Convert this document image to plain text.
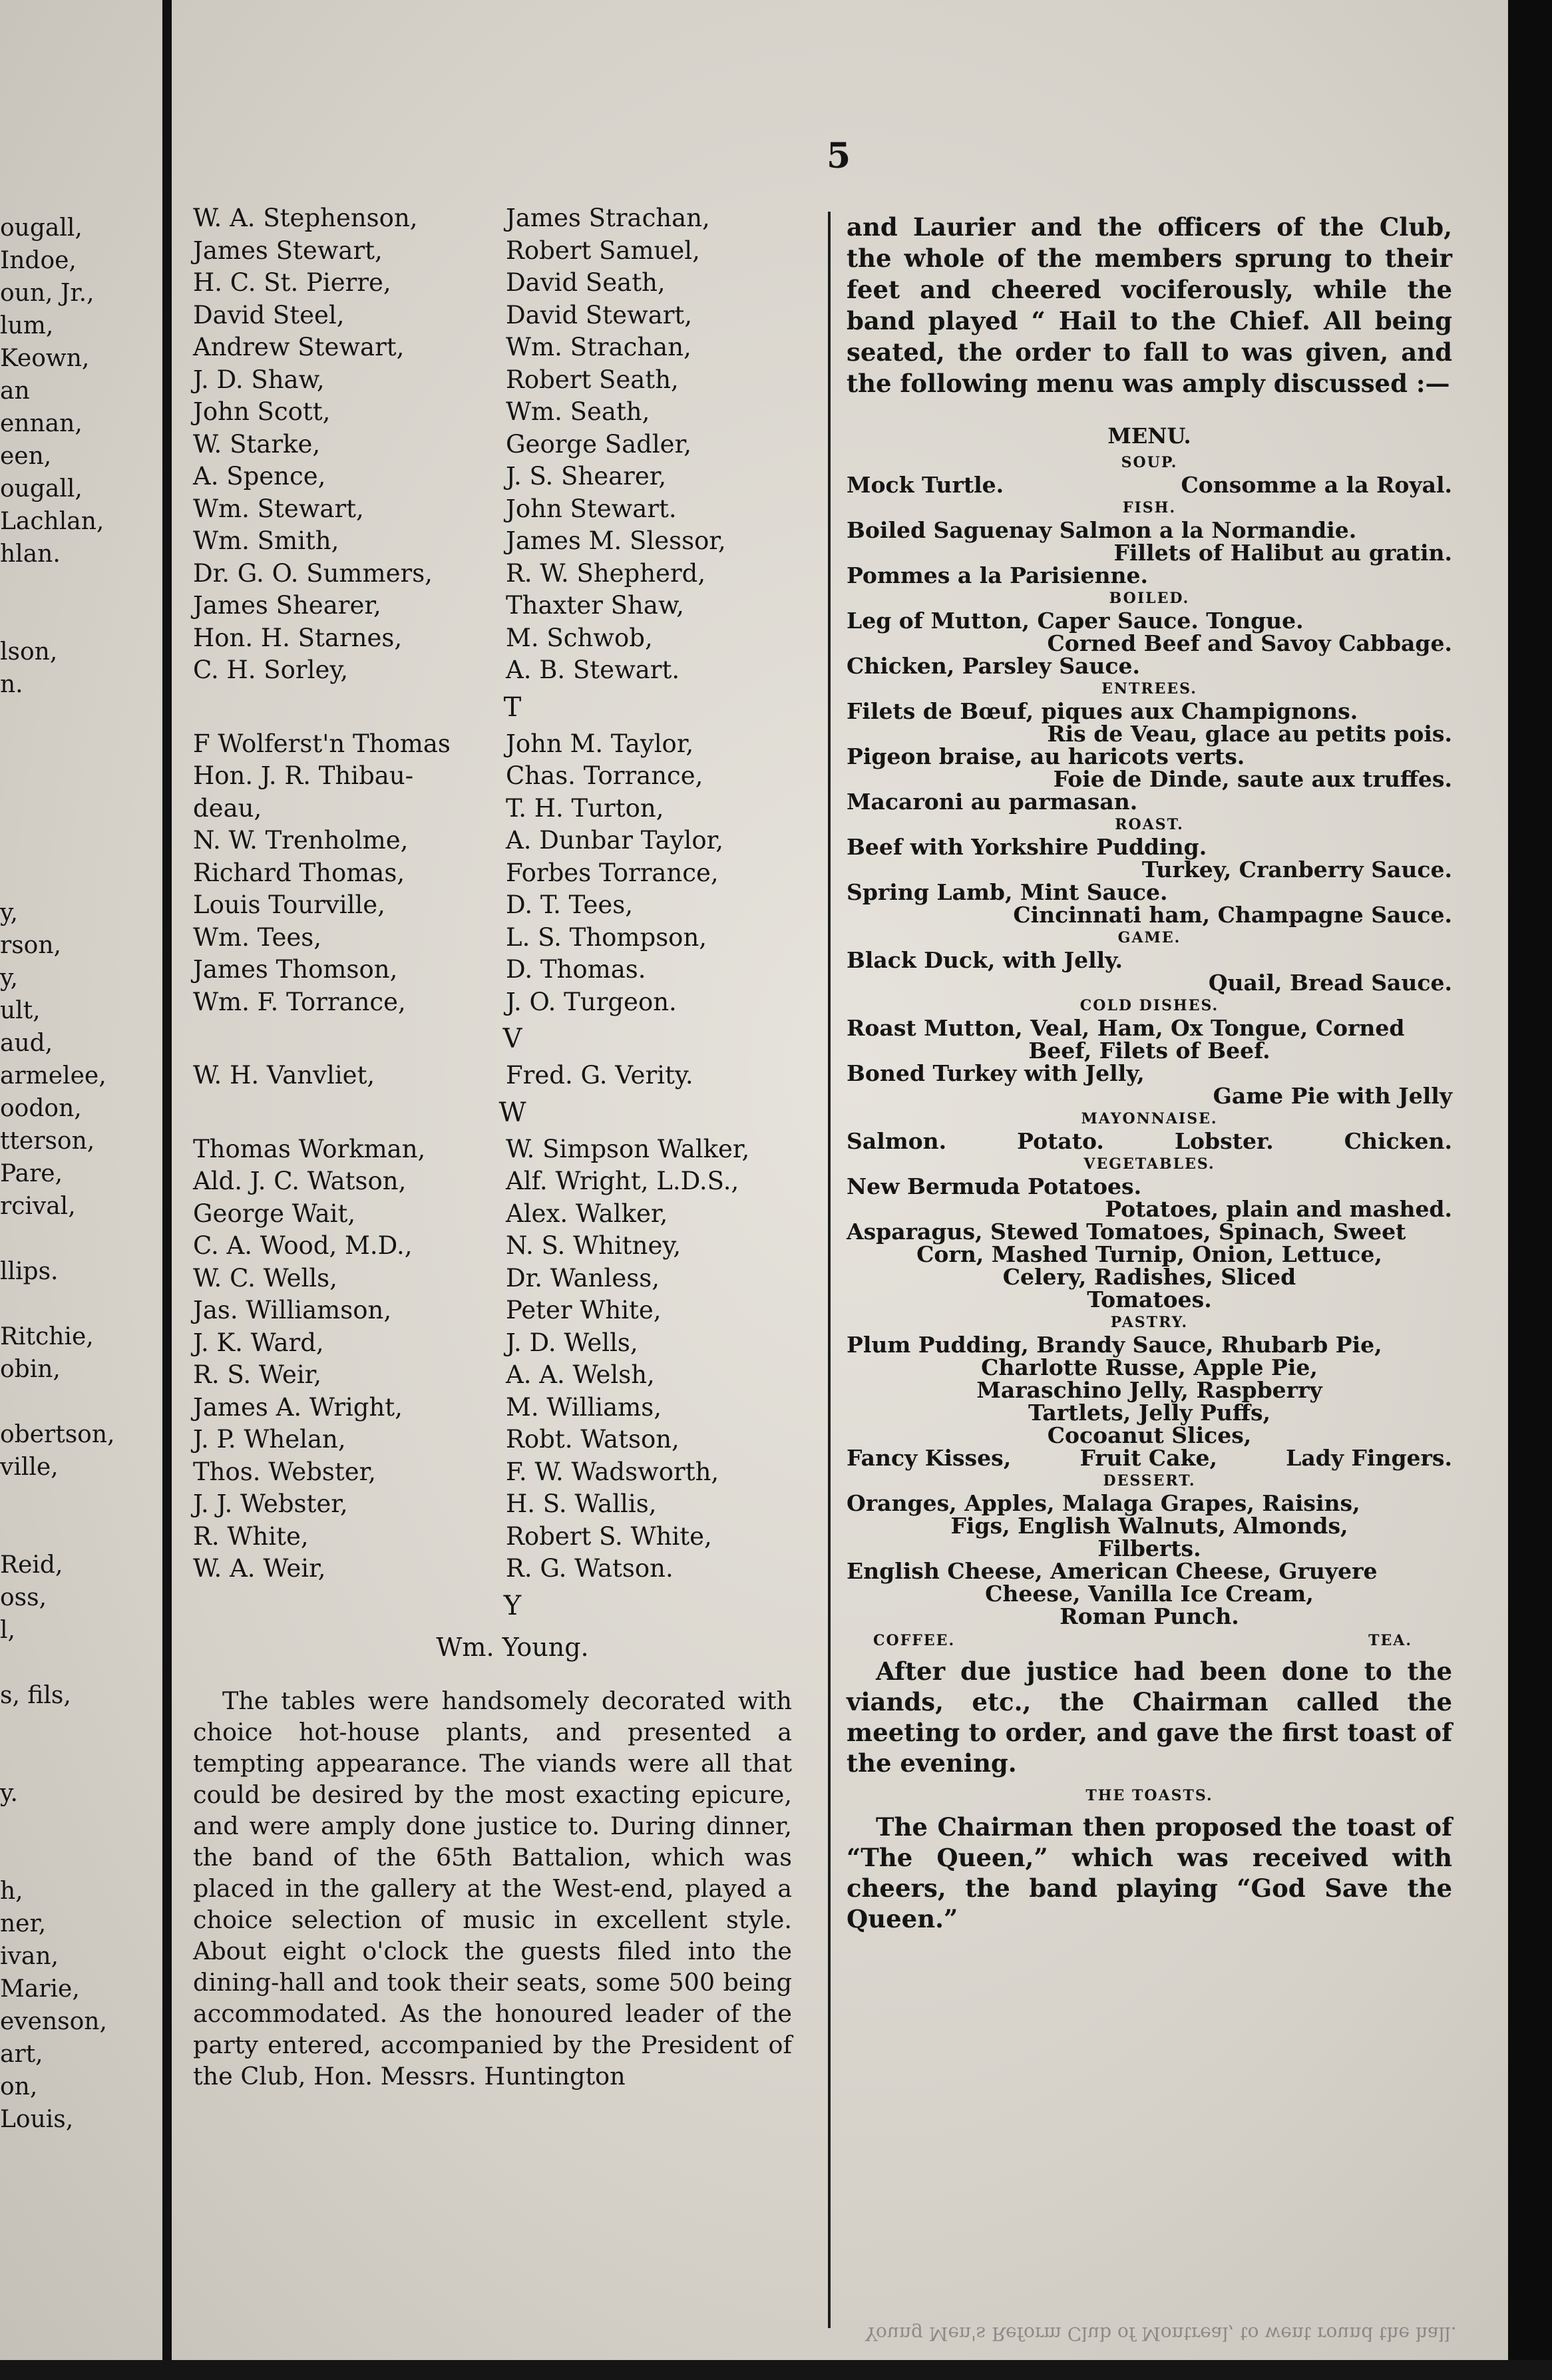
5
ougall,
Indoe,
oun, Jr.,
lum,
Keown,
an
ennan,
een,
ougall,
Lachlan,
hlan.
lson,
n.
y,
rson,
y,
ult,
aud,
armelee,
oodon,
tterson,
Pare,
rcival,
llips.
Ritchie,
obin,
obertson,
ville,
Reid,
oss,
l,
s, fils,
y.
h,
ner,
ivan,
Marie,
evenson,
art,
on,
Louis,
W. A. Stephenson,	James Strachan,
James Stewart,	Robert Samuel,
H. C. St. Pierre,	David Seath,
David Steel,	David Stewart,
Andrew Stewart,	Wm. Strachan,
J. D. Shaw,	Robert Seath,
John Scott,	Wm. Seath,
W. Starke,	George Sadler,
A. Spence,	J. S. Shearer,
Wm. Stewart,	John Stewart.
Wm. Smith,	James M. Slessor,
Dr. G. O. Summers,	R. W. Shepherd,
James Shearer,	Thaxter Shaw,
Hon. H. Starnes,	M. Schwob,
C. H. Sorley,	A. B. Stewart.
T
F Wolferst'n Thomas	John M. Taylor,
Hon. J. R. Thibau-	Chas. Torrance,
deau,	T. H. Turton,
N. W. Trenholme,	A. Dunbar Taylor,
Richard Thomas,	Forbes Torrance,
Louis Tourville,	D. T. Tees,
Wm. Tees,	L. S. Thompson,
James Thomson,	D. Thomas.
Wm. F. Torrance,	J. O. Turgeon.
V
W. H. Vanvliet,	Fred. G. Verity.
W
Thomas Workman,	W. Simpson Walker,
Ald. J. C. Watson,	Alf. Wright, L.D.S.,
George Wait,	Alex. Walker,
C. A. Wood, M.D.,	N. S. Whitney,
W. C. Wells,	Dr. Wanless,
Jas. Williamson,	Peter White,
J. K. Ward,	J. D. Wells,
R. S. Weir,	A. A. Welsh,
James A. Wright,	M. Williams,
J. P. Whelan,	Robt. Watson,
Thos. Webster,	F. W. Wadsworth,
J. J. Webster,	H. S. Wallis,
R. White,	Robert S. White,
W. A. Weir,	R. G. Watson.
Y
Wm. Young.

The tables were handsomely decorated with choice hot-house plants, and presented a tempting appearance. The viands were all that could be desired by the most exacting epicure, and were amply done justice to. During dinner, the band of the 65th Battalion, which was placed in the gallery at the West-end, played a choice selection of music in excellent style. About eight o'clock the guests filed into the dining-hall and took their seats, some 500 being accommodated. As the honoured leader of the party entered, accompanied by the President of the Club, Hon. Messrs. Huntington

and Laurier and the officers of the Club, the whole of the members sprung to their feet and cheered vociferously, while the band played “ Hail to the Chief. All being seated, the order to fall to was given, and the following menu was amply discussed :—

MENU.
SOUP.
Mock Turtle.	Consomme a la Royal.
FISH.
Boiled Saguenay Salmon a la Normandie.
Fillets of Halibut au gratin.
Pommes a la Parisienne.
BOILED.
Leg of Mutton, Caper Sauce. Tongue.
Corned Beef and Savoy Cabbage.
Chicken, Parsley Sauce.
ENTREES.
Filets de Bœuf, piques aux Champignons.
Ris de Veau, glace au petits pois.
Pigeon braise, au haricots verts.
Foie de Dinde, saute aux truffes.
Macaroni au parmasan.
ROAST.
Beef with Yorkshire Pudding.
Turkey, Cranberry Sauce.
Spring Lamb, Mint Sauce.
Cincinnati ham, Champagne Sauce.
GAME.
Black Duck, with Jelly.
Quail, Bread Sauce.
COLD DISHES.
Roast Mutton, Veal, Ham, Ox Tongue, Corned
Beef, Filets of Beef.
Boned Turkey with Jelly,
Game Pie with Jelly
MAYONNAISE.
Salmon.	Potato.	Lobster.	Chicken.
VEGETABLES.
New Bermuda Potatoes.
Potatoes, plain and mashed.
Asparagus, Stewed Tomatoes, Spinach, Sweet
Corn, Mashed Turnip, Onion, Lettuce,
Celery, Radishes, Sliced
Tomatoes.
PASTRY.
Plum Pudding, Brandy Sauce, Rhubarb Pie,
Charlotte Russe, Apple Pie,
Maraschino Jelly, Raspberry
Tartlets, Jelly Puffs,
Cocoanut Slices,
Fancy Kisses,	Fruit Cake,	Lady Fingers.
DESSERT.
Oranges, Apples, Malaga Grapes, Raisins,
Figs, English Walnuts, Almonds,
Filberts.
English Cheese, American Cheese, Gruyere
Cheese, Vanilla Ice Cream,
Roman Punch.
COFFEE.	TEA.

After due justice had been done to the viands, etc., the Chairman called the meeting to order, and gave the first toast of the evening.

THE TOASTS.

The Chairman then proposed the toast of “The Queen,” which was received with cheers, the band playing “God Save the Queen.”

Young Men's Reform Club of Montreal, to went round the hall.
